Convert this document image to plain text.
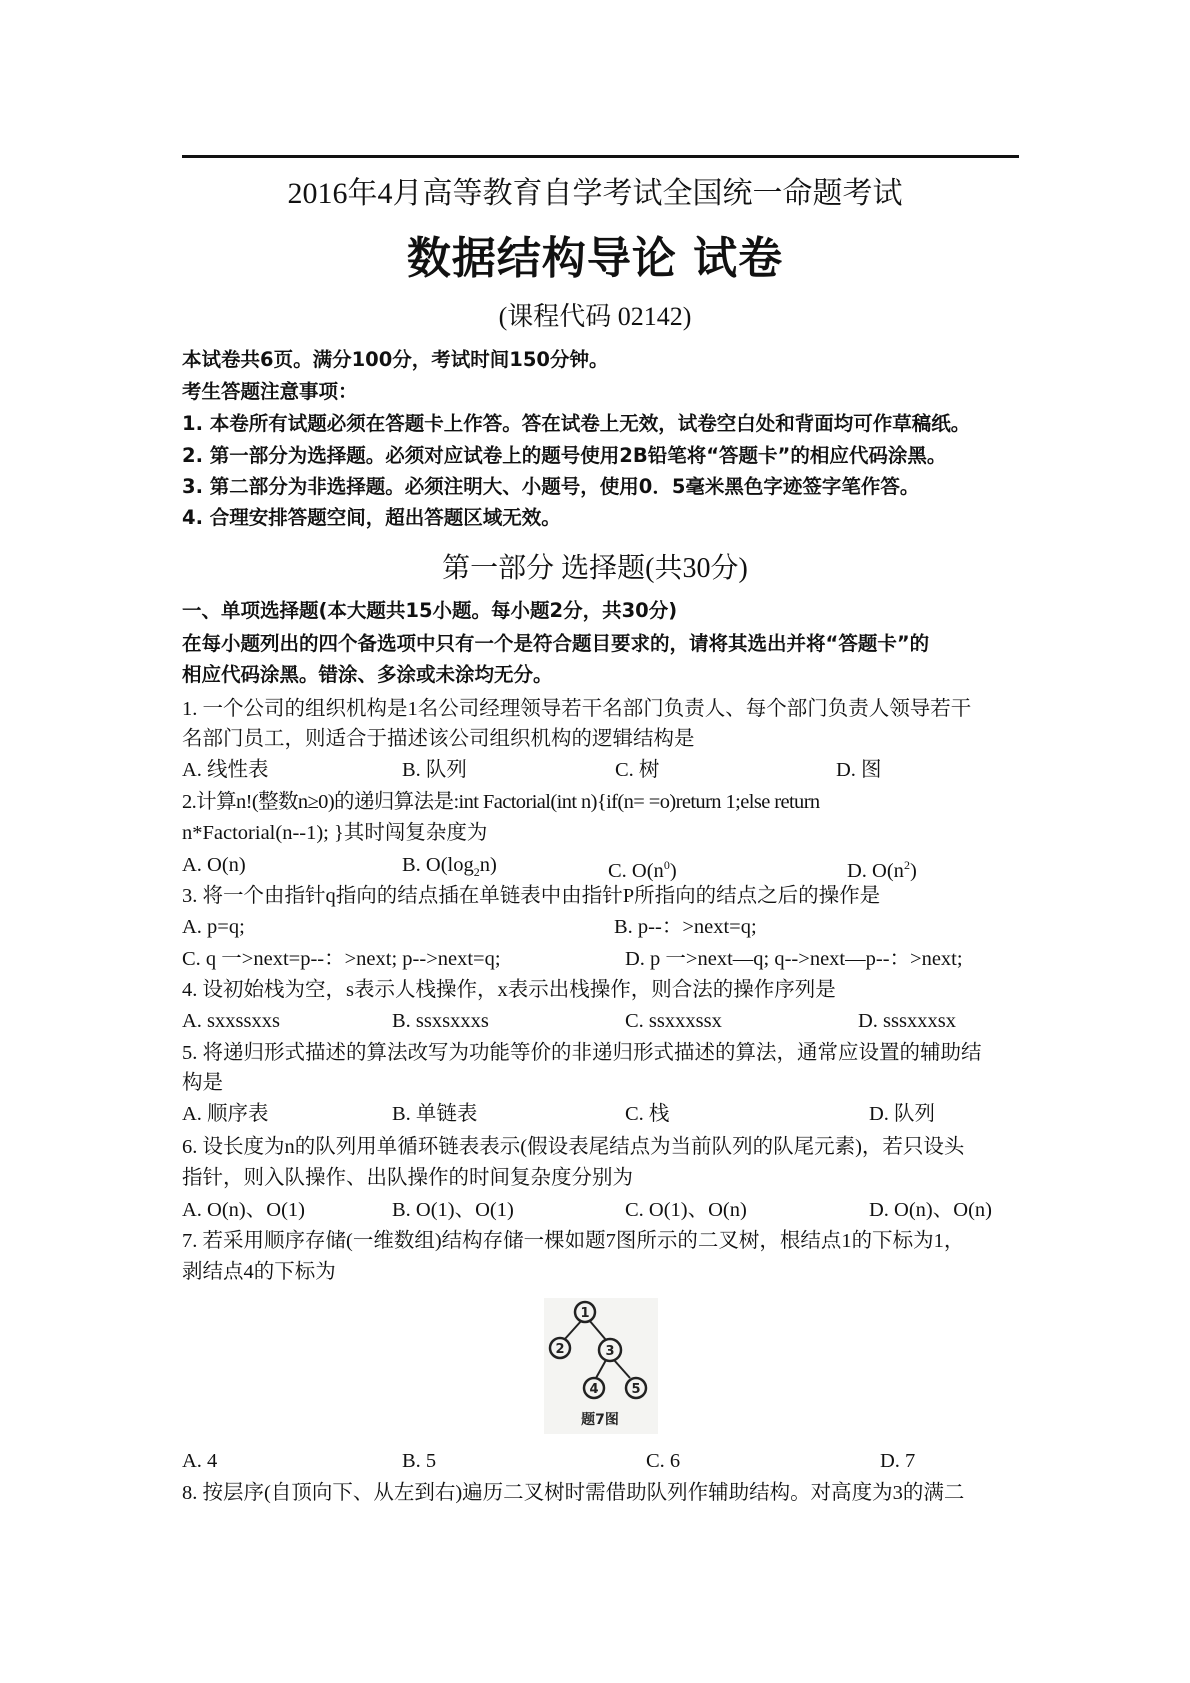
2016年4月高等教育自学考试全国统一命题考试
数据结构导论 试卷
(课程代码 02142)
本试卷共6页。满分100分，考试时间150分钟。
考生答题注意事项：
1. 本卷所有试题必须在答题卡上作答。答在试卷上无效，试卷空白处和背面均可作草稿纸。
2. 第一部分为选择题。必须对应试卷上的题号使用2B铅笔将“答题卡”的相应代码涂黑。
3. 第二部分为非选择题。必须注明大、小题号，使用0．5毫米黑色字迹签字笔作答。
4. 合理安排答题空间，超出答题区域无效。
第一部分 选择题(共30分)
一、单项选择题(本大题共15小题。每小题2分，共30分)
在每小题列出的四个备选项中只有一个是符合题目要求的，请将其选出并将“答题卡”的
相应代码涂黑。错涂、多涂或未涂均无分。
1. 一个公司的组织机构是1名公司经理领导若干名部门负责人、每个部门负责人领导若干
名部门员工，则适合于描述该公司组织机构的逻辑结构是
A. 线性表	B. 队列	C. 树	D. 图
2.计算n!(整数n≥0)的递归算法是:int Factorial(int n){if(n= =o)return 1;else return
n*Factorial(n--1); }其时闯复杂度为
A. O(n)	B. $O(\log_2n)$	C. $O(n^0)$	D. $O(n^2)$
3. 将一个由指针q指向的结点插在单链表中由指针P所指向的结点之后的操作是
A. p=q;	B. p--：>next=q;
C. q 一>next=p--：>next; p-->next=q;	D. p 一>next—q; q-->next—p--：>next;
4. 设初始栈为空，s表示人栈操作，x表示出栈操作，则合法的操作序列是
A. sxxssxxs	B. ssxsxxxs	C. ssxxxssx	D. sssxxxsx
5. 将递归形式描述的算法改写为功能等价的非递归形式描述的算法，通常应设置的辅助结
构是
A. 顺序表	B. 单链表	C. 栈	D. 队列
6. 设长度为n的队列用单循环链表表示(假设表尾结点为当前队列的队尾元素)，若只设头
指针，则入队操作、出队操作的时间复杂度分别为
A. O(n)、O(1)	B. O(1)、O(1)	C. O(1)、O(n)	D. O(n)、O(n)
7. 若采用顺序存储(一维数组)结构存储一棵如题7图所示的二叉树，根结点1的下标为1，
剥结点4的下标为
1
2	3
4	5
题7图
A. 4	B. 5	C. 6	D. 7
8. 按层序(自顶向下、从左到右)遍历二叉树时需借助队列作辅助结构。对高度为3的满二
